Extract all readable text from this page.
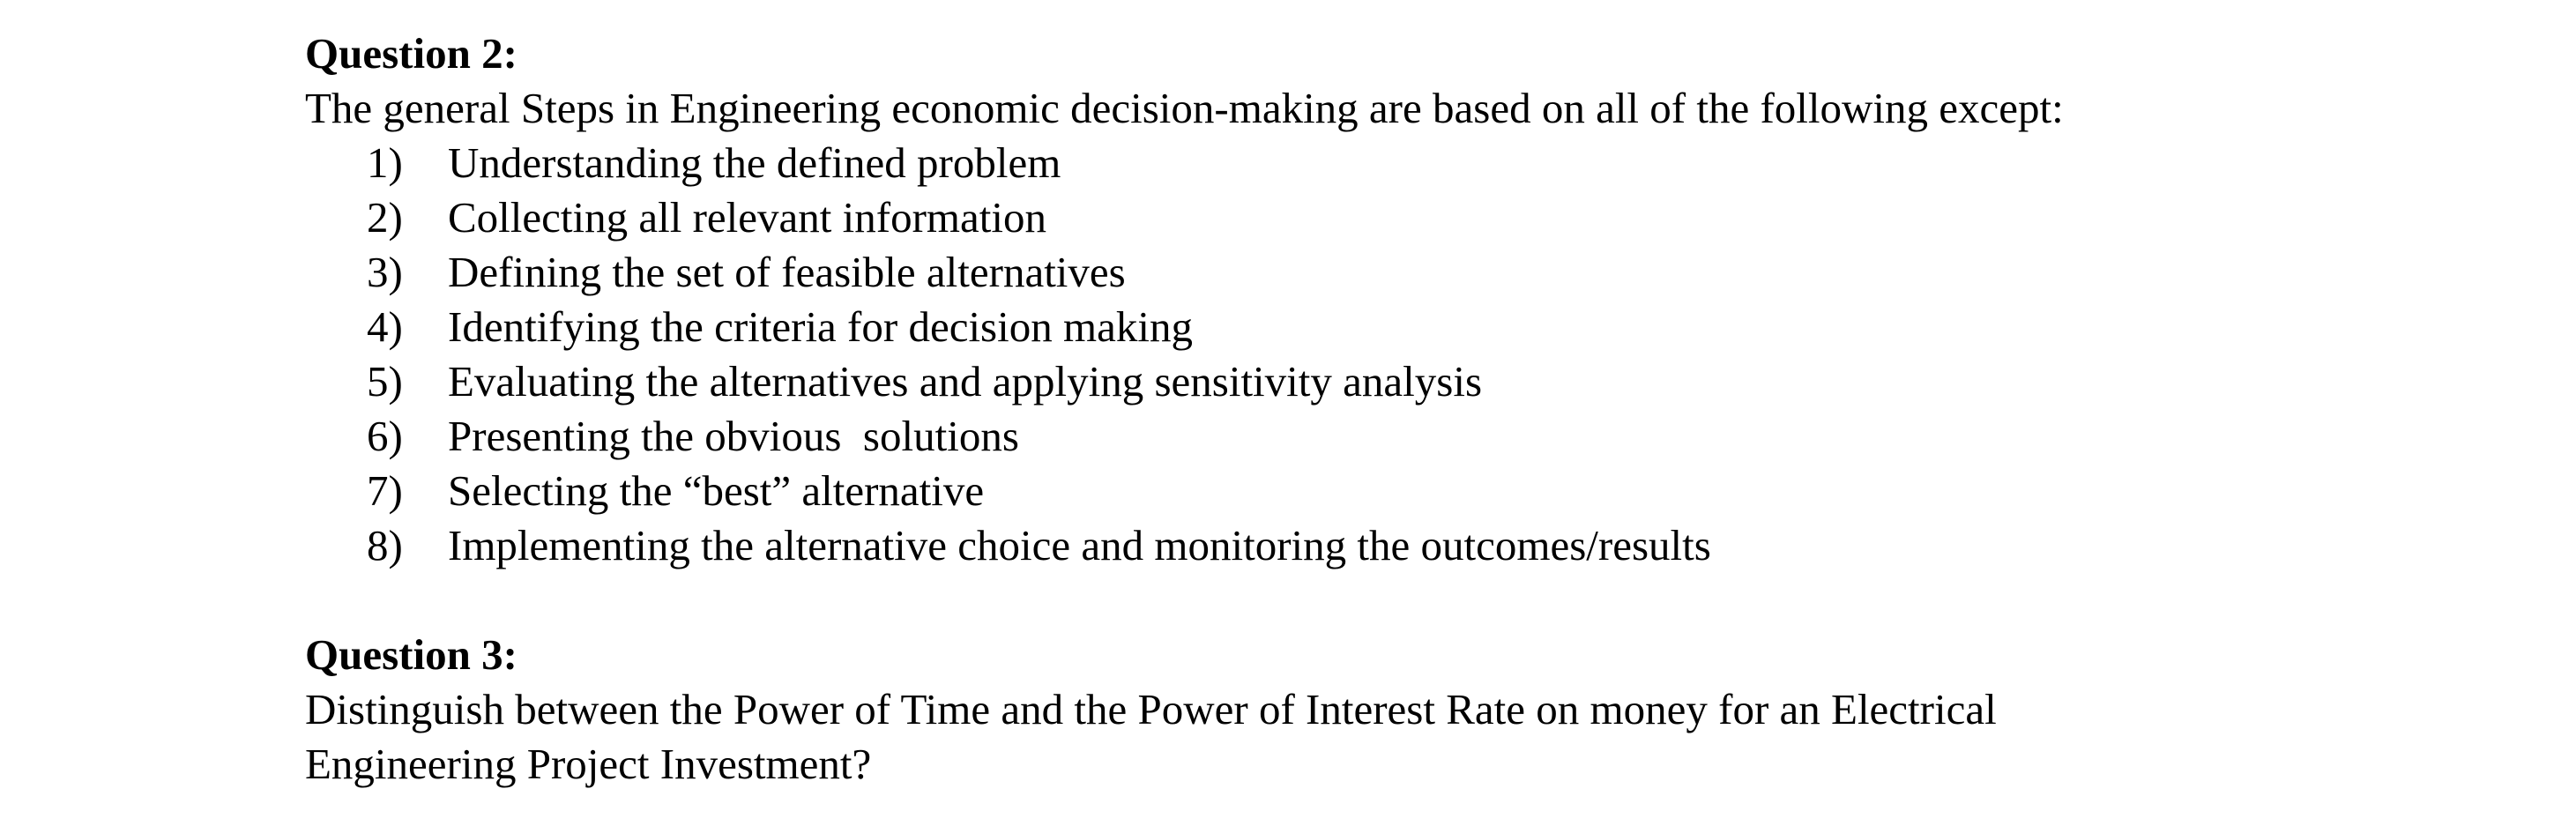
Question 2:

The general Steps in Engineering economic decision-making are based on all of the following except:

1)	Understanding the defined problem
2)	Collecting all relevant information
3)	Defining the set of feasible alternatives
4)	Identifying the criteria for decision making
5)	Evaluating the alternatives and applying sensitivity analysis
6)	Presenting the obvious  solutions
7)	Selecting the “best” alternative
8)	Implementing the alternative choice and monitoring the outcomes/results

Question 3:

Distinguish between the Power of Time and the Power of Interest Rate on money for an Electrical

Engineering Project Investment?
